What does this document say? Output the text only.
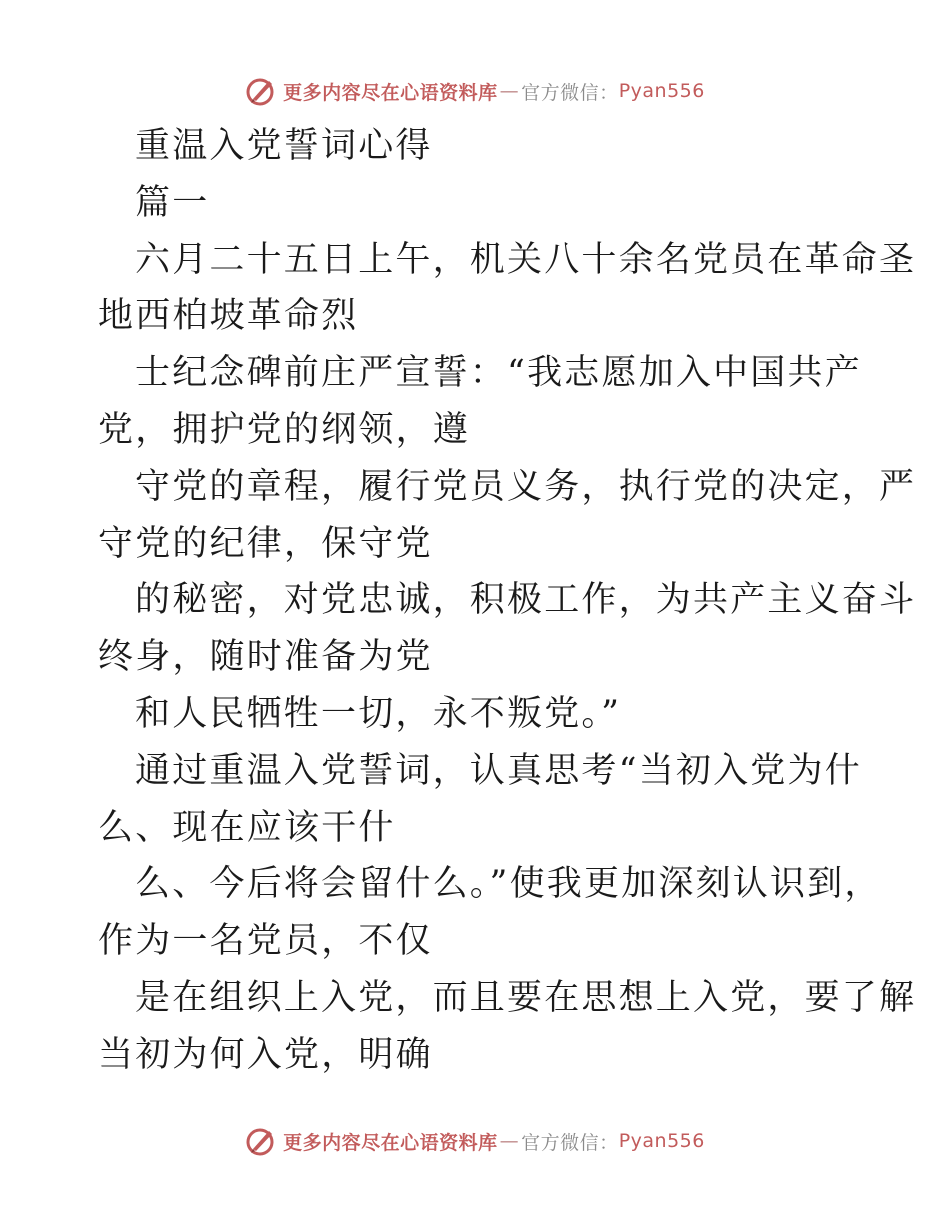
更多内容尽在心语资料库 — 官方微信： Pyan556
重温入党誓词心得
篇一
六月二十五日上午，机关八十余名党员在革命圣
地西柏坡革命烈
士纪念碑前庄严宣誓：“我志愿加入中国共产
党，拥护党的纲领，遵
守党的章程，履行党员义务，执行党的决定，严
守党的纪律，保守党
的秘密，对党忠诚，积极工作，为共产主义奋斗
终身，随时准备为党
和人民牺牲一切，永不叛党。”
通过重温入党誓词，认真思考“当初入党为什
么、现在应该干什
么、今后将会留什么。”使我更加深刻认识到，
作为一名党员，不仅
是在组织上入党，而且要在思想上入党，要了解
当初为何入党，明确
更多内容尽在心语资料库 — 官方微信： Pyan556
